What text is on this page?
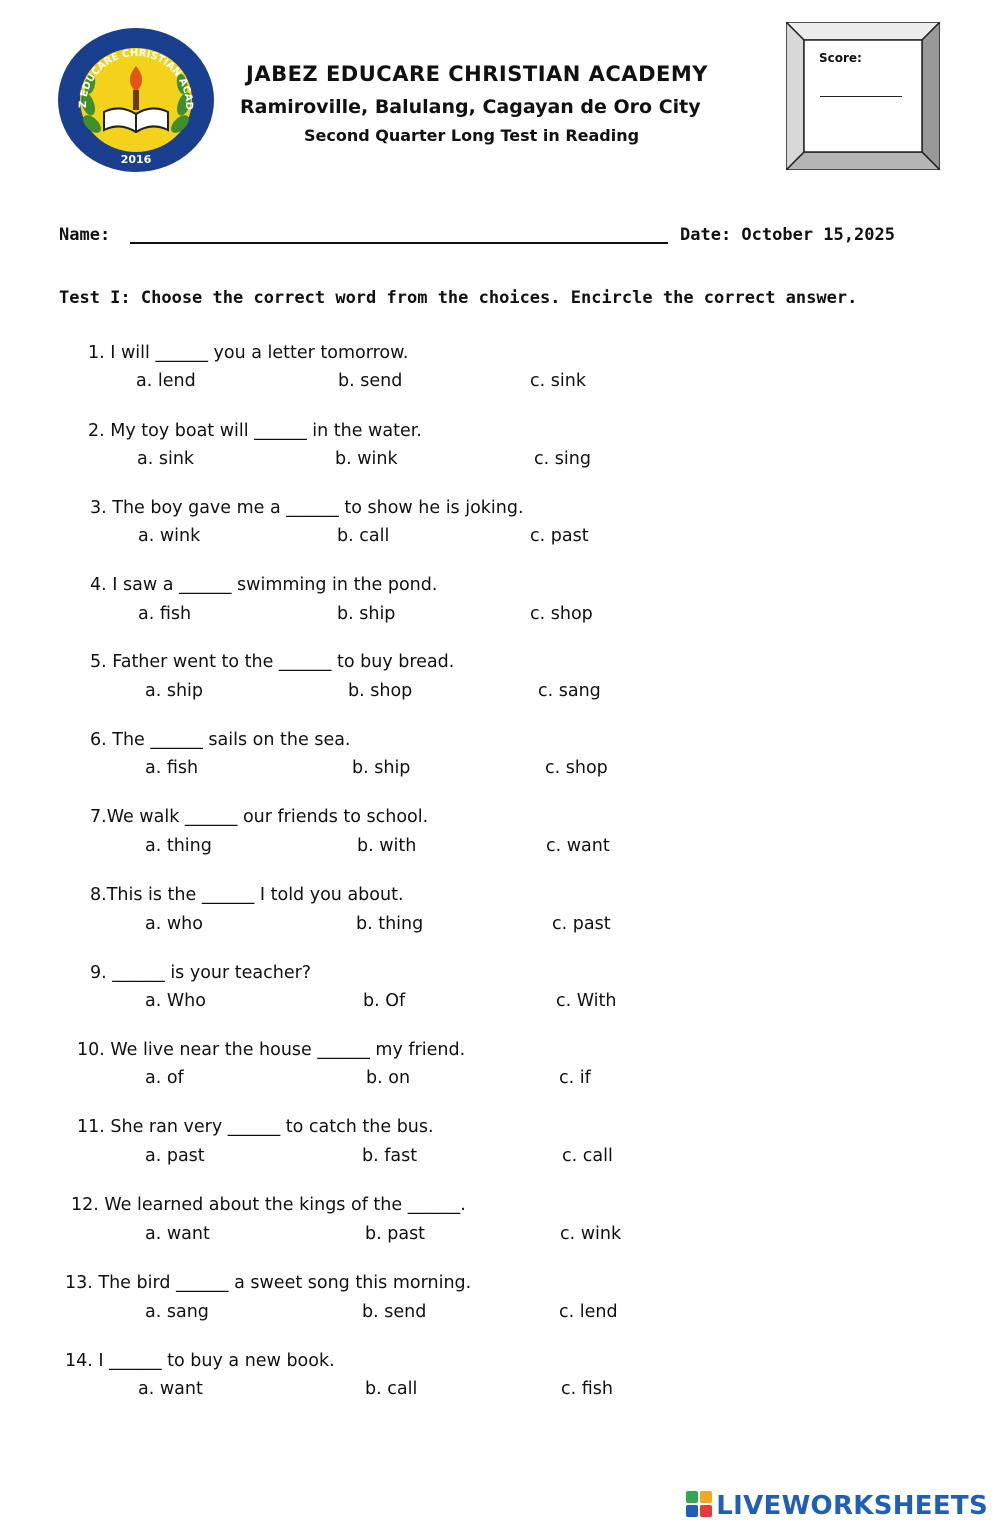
Z EDUCARE CHRISTIAN ACAD
2016
JABEZ EDUCARE CHRISTIAN ACADEMY
Ramiroville, Balulang, Cagayan de Oro City
Second Quarter Long Test in Reading
Score:
Name:	Date: October 15,2025
Test I: Choose the correct word from the choices. Encircle the correct answer.
1. I will ______ you a letter tomorrow.
a. lend	b. send	c. sink
2. My toy boat will ______ in the water.
a. sink	b. wink	c. sing
3. The boy gave me a ______ to show he is joking.
a. wink	b. call	c. past
4. I saw a ______ swimming in the pond.
a. fish	b. ship	c. shop
5. Father went to the ______ to buy bread.
a. ship	b. shop	c. sang
6. The ______ sails on the sea.
a. fish	b. ship	c. shop
7.We walk ______ our friends to school.
a. thing	b. with	c. want
8.This is the ______ I told you about.
a. who	b. thing	c. past
9. ______ is your teacher?
a. Who	b. Of	c. With
10. We live near the house ______ my friend.
a. of	b. on	c. if
11. She ran very ______ to catch the bus.
a. past	b. fast	c. call
12. We learned about the kings of the ______.
a. want	b. past	c. wink
13. The bird ______ a sweet song this morning.
a. sang	b. send	c. lend
14. I ______ to buy a new book.
a. want	b. call	c. fish
LIVEWORKSHEETS
